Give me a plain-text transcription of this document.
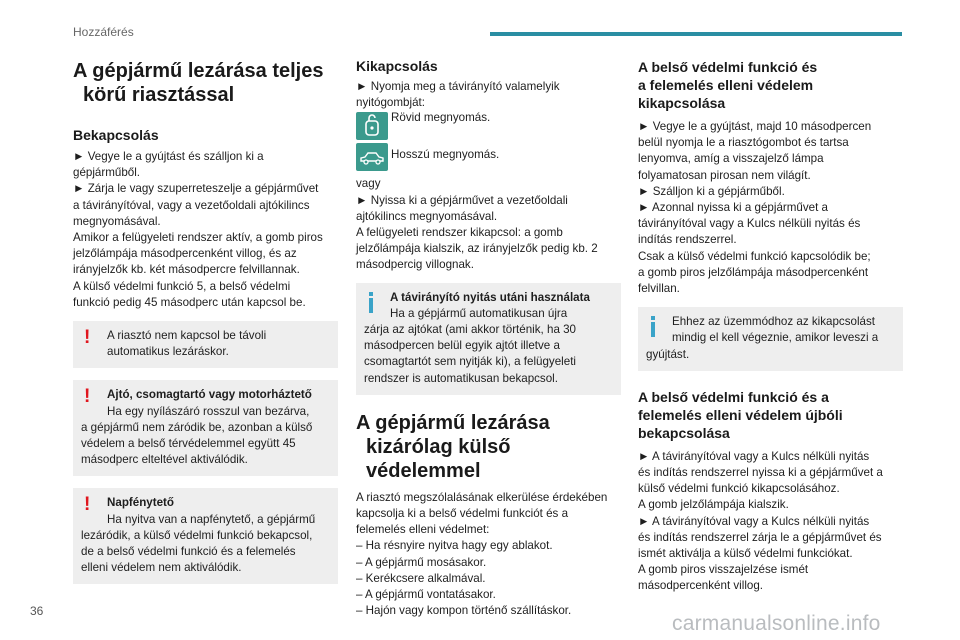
Hozzáférés
A gépjármű lezárása teljes
körű riasztással
Bekapcsolás

► Vegye le a gyújtást és szálljon ki a

gépjárműből.

► Zárja le vagy szuperreteszelje a gépjárművet

a távirányítóval, vagy a vezetőoldali ajtókilincs

megnyomásával.

Amikor a felügyeleti rendszer aktív, a gomb piros

jelzőlámpája másodpercenként villog, és az

irányjelzők kb. két másodpercre felvillannak.

A külső védelmi funkció 5, a belső védelmi

funkció pedig 45 másodperc után kapcsol be.

!	A riasztó nem kapcsol be távoli

automatikus lezáráskor.

!	Ajtó, csomagtartó vagy motorháztető

Ha egy nyílászáró rosszul van bezárva,

a gépjármű nem záródik be, azonban a külső

védelem a belső térvédelemmel együtt 45

másodperc elteltével aktiválódik.

!	Napfénytető

Ha nyitva van a napfénytető, a gépjármű

lezáródik, a külső védelmi funkció bekapcsol,

de a belső védelmi funkció és a felemelés

elleni védelem nem aktiválódik.

Kikapcsolás

► Nyomja meg a távirányító valamelyik

nyitógombját:

Rövid megnyomás.
Hosszú megnyomás.

vagy

► Nyissa ki a gépjárművet a vezetőoldali

ajtókilincs megnyomásával.

A felügyeleti rendszer kikapcsol: a gomb

jelzőlámpája kialszik, az irányjelzők pedig kb. 2

másodpercig villognak.

A távirányító nyitás utáni használata

Ha a gépjármű automatikusan újra

zárja az ajtókat (ami akkor történik, ha 30

másodpercen belül egyik ajtót illetve a

csomagtartót sem nyitják ki), a felügyeleti

rendszer is automatikusan bekapcsol.

A gépjármű lezárása
kizárólag külső védelemmel

A riasztó megszólalásának elkerülése érdekében

kapcsolja ki a belső védelmi funkciót és a

felemelés elleni védelmet:

– Ha résnyire nyitva hagy egy ablakot.

– A gépjármű mosásakor.

– Kerékcsere alkalmával.

– A gépjármű vontatásakor.

– Hajón vagy kompon történő szállításkor.

A belső védelmi funkció és
a felemelés elleni védelem
kikapcsolása

► Vegye le a gyújtást, majd 10 másodpercen

belül nyomja le a riasztógombot és tartsa

lenyomva, amíg a visszajelző lámpa

folyamatosan pirosan nem világít.

► Szálljon ki a gépjárműből.

► Azonnal nyissa ki a gépjárművet a

távirányítóval vagy a Kulcs nélküli nyitás és

indítás rendszerrel.

Csak a külső védelmi funkció kapcsolódik be;

a gomb piros jelzőlámpája másodpercenként

felvillan.

Ehhez az üzemmódhoz az kikapcsolást

mindig el kell végeznie, amikor leveszi a

gyújtást.

A belső védelmi funkció és a
felemelés elleni védelem újbóli
bekapcsolása

► A távirányítóval vagy a Kulcs nélküli nyitás

és indítás rendszerrel nyissa ki a gépjárművet a

külső védelmi funkció kikapcsolásához.

A gomb jelzőlámpája kialszik.

► A távirányítóval vagy a Kulcs nélküli nyitás

és indítás rendszerrel zárja le a gépjárművet és

ismét aktiválja a külső védelmi funkciókat.

A gomb piros visszajelzése ismét

másodpercenként villog.

36
carmanualsonline.info
